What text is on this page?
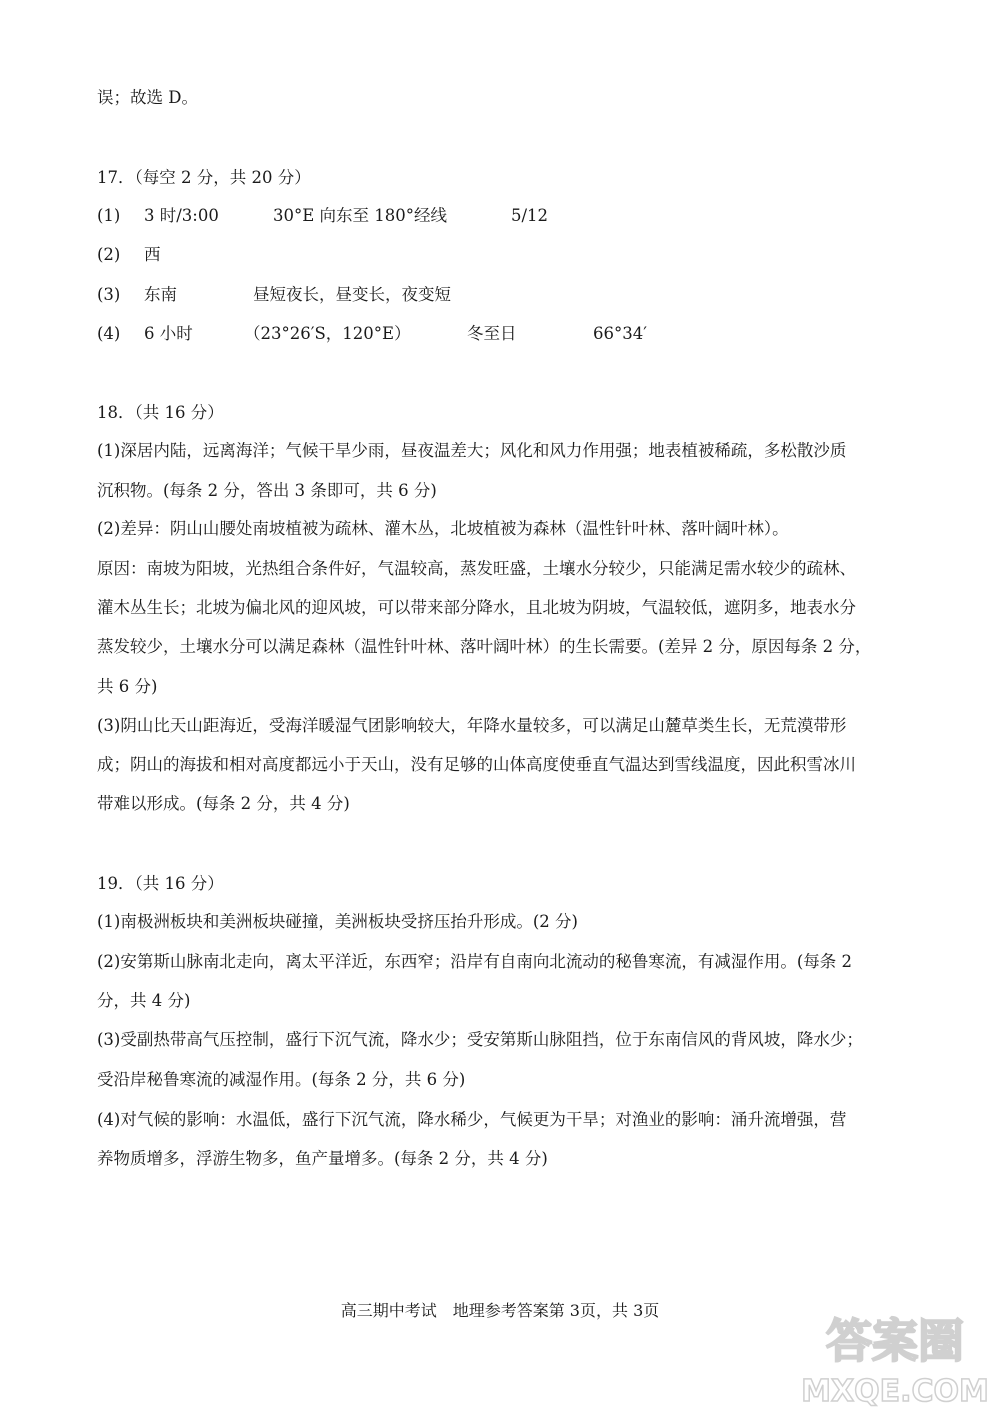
误；故选 D。
17．（每空 2 分，共 20 分）
(1) 3 时/3:00	30°E 向东至 180°经线	5/12
(2) 西
(3) 东南	昼短夜长，昼变长，夜变短
(4) 6 小时	（23°26′S，120°E）	冬至日	66°34′
18．（共 16 分）
(1)深居内陆，远离海洋；气候干旱少雨，昼夜温差大；风化和风力作用强；地表植被稀疏，多松散沙质
沉积物。(每条 2 分，答出 3 条即可，共 6 分)
(2)差异：阴山山腰处南坡植被为疏林、灌木丛，北坡植被为森林（温性针叶林、落叶阔叶林）。
原因：南坡为阳坡，光热组合条件好，气温较高，蒸发旺盛，土壤水分较少，只能满足需水较少的疏林、
灌木丛生长；北坡为偏北风的迎风坡，可以带来部分降水，且北坡为阴坡，气温较低，遮阴多，地表水分
蒸发较少，土壤水分可以满足森林（温性针叶林、落叶阔叶林）的生长需要。(差异 2 分，原因每条 2 分，
共 6 分)
(3)阴山比天山距海近，受海洋暖湿气团影响较大，年降水量较多，可以满足山麓草类生长，无荒漠带形
成；阴山的海拔和相对高度都远小于天山，没有足够的山体高度使垂直气温达到雪线温度，因此积雪冰川
带难以形成。(每条 2 分，共 4 分)
19．（共 16 分）
(1)南极洲板块和美洲板块碰撞，美洲板块受挤压抬升形成。(2 分)
(2)安第斯山脉南北走向，离太平洋近，东西窄；沿岸有自南向北流动的秘鲁寒流，有减湿作用。(每条 2
分，共 4 分)
(3)受副热带高气压控制，盛行下沉气流，降水少；受安第斯山脉阻挡，位于东南信风的背风坡，降水少；
受沿岸秘鲁寒流的减湿作用。(每条 2 分，共 6 分)
(4)对气候的影响：水温低，盛行下沉气流，降水稀少，气候更为干旱；对渔业的影响：涌升流增强，营
养物质增多，浮游生物多，鱼产量增多。(每条 2 分，共 4 分)
高三期中考试　地理参考答案第 3页，共 3页
答案圈
MXQE.COM
